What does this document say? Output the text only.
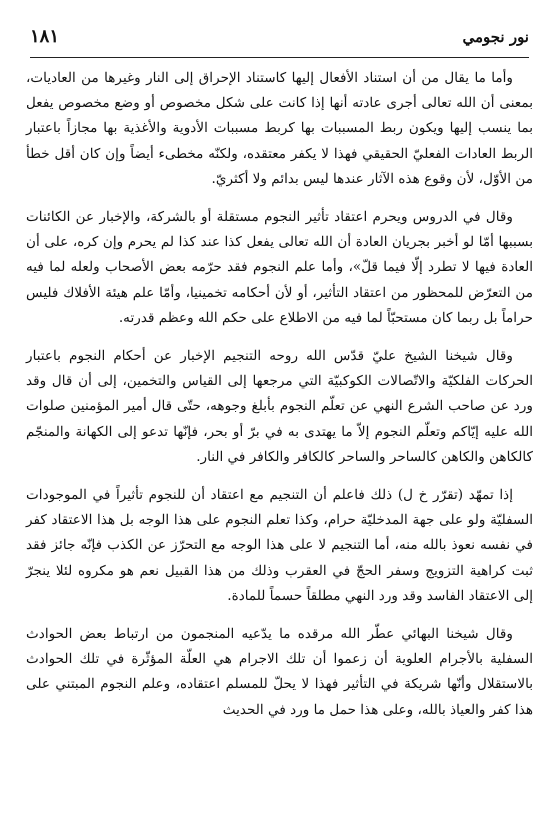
نور نجومي
١٨١

وأما ما يقال من أن استناد الأفعال إليها كاستناد الإحراق إلى النار وغيرها من العاديات، بمعنى أن الله تعالى أجرى عادته أنها إذا كانت على شكل مخصوص أو وضع مخصوص يفعل بما ينسب إليها ويكون ربط المسببات بها كربط مسببات الأدوية والأغذية بها مجازاً باعتبار الربط العادات الفعليّ الحقيقي فهذا لا يكفر معتقده، ولكنّه مخطىء أيضاً وإن كان أقل خطأ من الأوّل، لأن وقوع هذه الآثار عندها ليس بدائم ولا أكثريّ.

وقال في الدروس ويحرم اعتقاد تأثير النجوم مستقلة أو بالشركة، والإخبار عن الكائنات بسببها أمّا لو أخبر بجريان العادة أن الله تعالى يفعل كذا عند كذا لم يحرم وإن كره، على أن العادة فيها لا تطرد إلّا فيما قلّ»، وأما علم النجوم فقد حرّمه بعض الأصحاب ولعله لما فيه من التعرّض للمحظور من اعتقاد التأثير، أو لأن أحكامه تخمينيا، وأمّا علم هيئة الأفلاك فليس حراماً بل ربما كان مستحبّاً لما فيه من الاطلاع على حكم الله وعظم قدرته.

وقال شيخنا الشيخ عليّ قدّس الله روحه التنجيم الإخبار عن أحكام النجوم باعتبار الحركات الفلكيّة والاتّصالات الكوكبيّة التي مرجعها إلى القياس والتخمين، إلى أن قال وقد ورد عن صاحب الشرع النهي عن تعلّم النجوم بأبلغ وجوهه، حتّى قال أمير المؤمنين صلوات الله عليه إيّاكم وتعلّم النجوم إلاّ ما يهتدى به في برّ أو بحر، فإنّها تدعو إلى الكهانة والمنجّم كالكاهن والكاهن كالساحر والساحر كالكافر والكافر في النار.

إذا تمهّد (تقرّر خ ل) ذلك فاعلم أن التنجيم مع اعتقاد أن للنجوم تأثيراً في الموجودات السفليّة ولو على جهة المدخليّة حرام، وكذا تعلم النجوم على هذا الوجه بل هذا الاعتقاد كفر في نفسه نعوذ بالله منه، أما التنجيم لا على هذا الوجه مع التحرّز عن الكذب فإنّه جائز فقد ثبت كراهية التزويج وسفر الحجّ في العقرب وذلك من هذا القبيل نعم هو مكروه لئلا ينجرّ إلى الاعتقاد الفاسد وقد ورد النهي مطلقاً حسماً للمادة.

وقال شيخنا البهائي عطّر الله مرقده ما يدّعيه المنجمون من ارتباط بعض الحوادث السفلية بالأجرام العلوية أن زعموا أن تلك الاجرام هي العلّة المؤثّرة في تلك الحوادث بالاستقلال وأنّها شريكة في التأثير فهذا لا يحلّ للمسلم اعتقاده، وعلم النجوم المبتني على هذا كفر والعياذ بالله، وعلى هذا حمل ما ورد في الحديث
